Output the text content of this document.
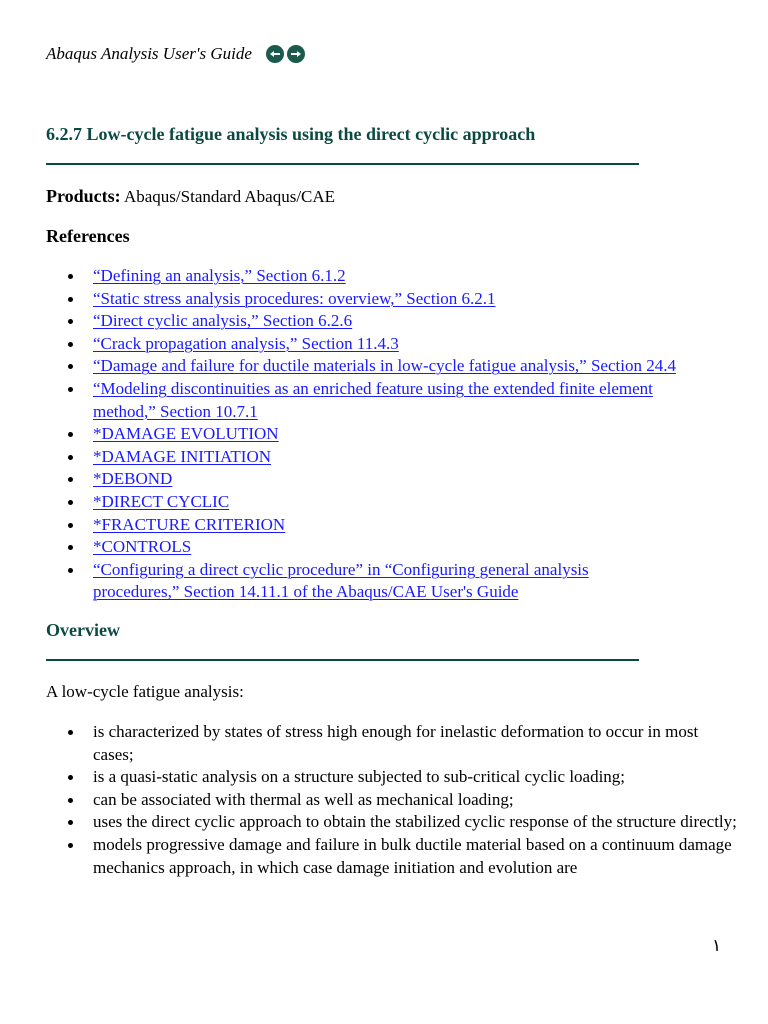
Abaqus Analysis User's Guide
6.2.7 Low-cycle fatigue analysis using the direct cyclic approach
Products: Abaqus/Standard Abaqus/CAE
References
“Defining an analysis,” Section 6.1.2
“Static stress analysis procedures: overview,” Section 6.2.1
“Direct cyclic analysis,” Section 6.2.6
“Crack propagation analysis,” Section 11.4.3
“Damage and failure for ductile materials in low-cycle fatigue analysis,” Section 24.4
“Modeling discontinuities as an enriched feature using the extended finite element method,” Section 10.7.1
*DAMAGE EVOLUTION
*DAMAGE INITIATION
*DEBOND
*DIRECT CYCLIC
*FRACTURE CRITERION
*CONTROLS
“Configuring a direct cyclic procedure” in “Configuring general analysis procedures,” Section 14.11.1 of the Abaqus/CAE User's Guide
Overview
A low-cycle fatigue analysis:
is characterized by states of stress high enough for inelastic deformation to occur in most cases;
is a quasi-static analysis on a structure subjected to sub-critical cyclic loading;
can be associated with thermal as well as mechanical loading;
uses the direct cyclic approach to obtain the stabilized cyclic response of the structure directly;
models progressive damage and failure in bulk ductile material based on a continuum damage mechanics approach, in which case damage initiation and evolution are
١
